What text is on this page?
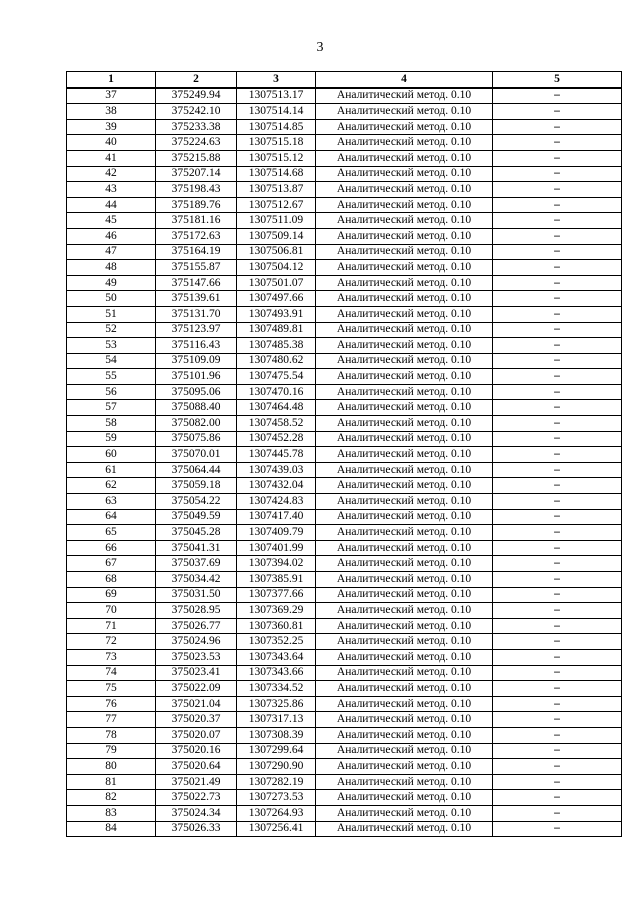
3
1	2	3	4	5
37	375249.94	1307513.17	Аналитический метод. 0.10	–
38	375242.10	1307514.14	Аналитический метод. 0.10	–
39	375233.38	1307514.85	Аналитический метод. 0.10	–
40	375224.63	1307515.18	Аналитический метод. 0.10	–
41	375215.88	1307515.12	Аналитический метод. 0.10	–
42	375207.14	1307514.68	Аналитический метод. 0.10	–
43	375198.43	1307513.87	Аналитический метод. 0.10	–
44	375189.76	1307512.67	Аналитический метод. 0.10	–
45	375181.16	1307511.09	Аналитический метод. 0.10	–
46	375172.63	1307509.14	Аналитический метод. 0.10	–
47	375164.19	1307506.81	Аналитический метод. 0.10	–
48	375155.87	1307504.12	Аналитический метод. 0.10	–
49	375147.66	1307501.07	Аналитический метод. 0.10	–
50	375139.61	1307497.66	Аналитический метод. 0.10	–
51	375131.70	1307493.91	Аналитический метод. 0.10	–
52	375123.97	1307489.81	Аналитический метод. 0.10	–
53	375116.43	1307485.38	Аналитический метод. 0.10	–
54	375109.09	1307480.62	Аналитический метод. 0.10	–
55	375101.96	1307475.54	Аналитический метод. 0.10	–
56	375095.06	1307470.16	Аналитический метод. 0.10	–
57	375088.40	1307464.48	Аналитический метод. 0.10	–
58	375082.00	1307458.52	Аналитический метод. 0.10	–
59	375075.86	1307452.28	Аналитический метод. 0.10	–
60	375070.01	1307445.78	Аналитический метод. 0.10	–
61	375064.44	1307439.03	Аналитический метод. 0.10	–
62	375059.18	1307432.04	Аналитический метод. 0.10	–
63	375054.22	1307424.83	Аналитический метод. 0.10	–
64	375049.59	1307417.40	Аналитический метод. 0.10	–
65	375045.28	1307409.79	Аналитический метод. 0.10	–
66	375041.31	1307401.99	Аналитический метод. 0.10	–
67	375037.69	1307394.02	Аналитический метод. 0.10	–
68	375034.42	1307385.91	Аналитический метод. 0.10	–
69	375031.50	1307377.66	Аналитический метод. 0.10	–
70	375028.95	1307369.29	Аналитический метод. 0.10	–
71	375026.77	1307360.81	Аналитический метод. 0.10	–
72	375024.96	1307352.25	Аналитический метод. 0.10	–
73	375023.53	1307343.64	Аналитический метод. 0.10	–
74	375023.41	1307343.66	Аналитический метод. 0.10	–
75	375022.09	1307334.52	Аналитический метод. 0.10	–
76	375021.04	1307325.86	Аналитический метод. 0.10	–
77	375020.37	1307317.13	Аналитический метод. 0.10	–
78	375020.07	1307308.39	Аналитический метод. 0.10	–
79	375020.16	1307299.64	Аналитический метод. 0.10	–
80	375020.64	1307290.90	Аналитический метод. 0.10	–
81	375021.49	1307282.19	Аналитический метод. 0.10	–
82	375022.73	1307273.53	Аналитический метод. 0.10	–
83	375024.34	1307264.93	Аналитический метод. 0.10	–
84	375026.33	1307256.41	Аналитический метод. 0.10	–
